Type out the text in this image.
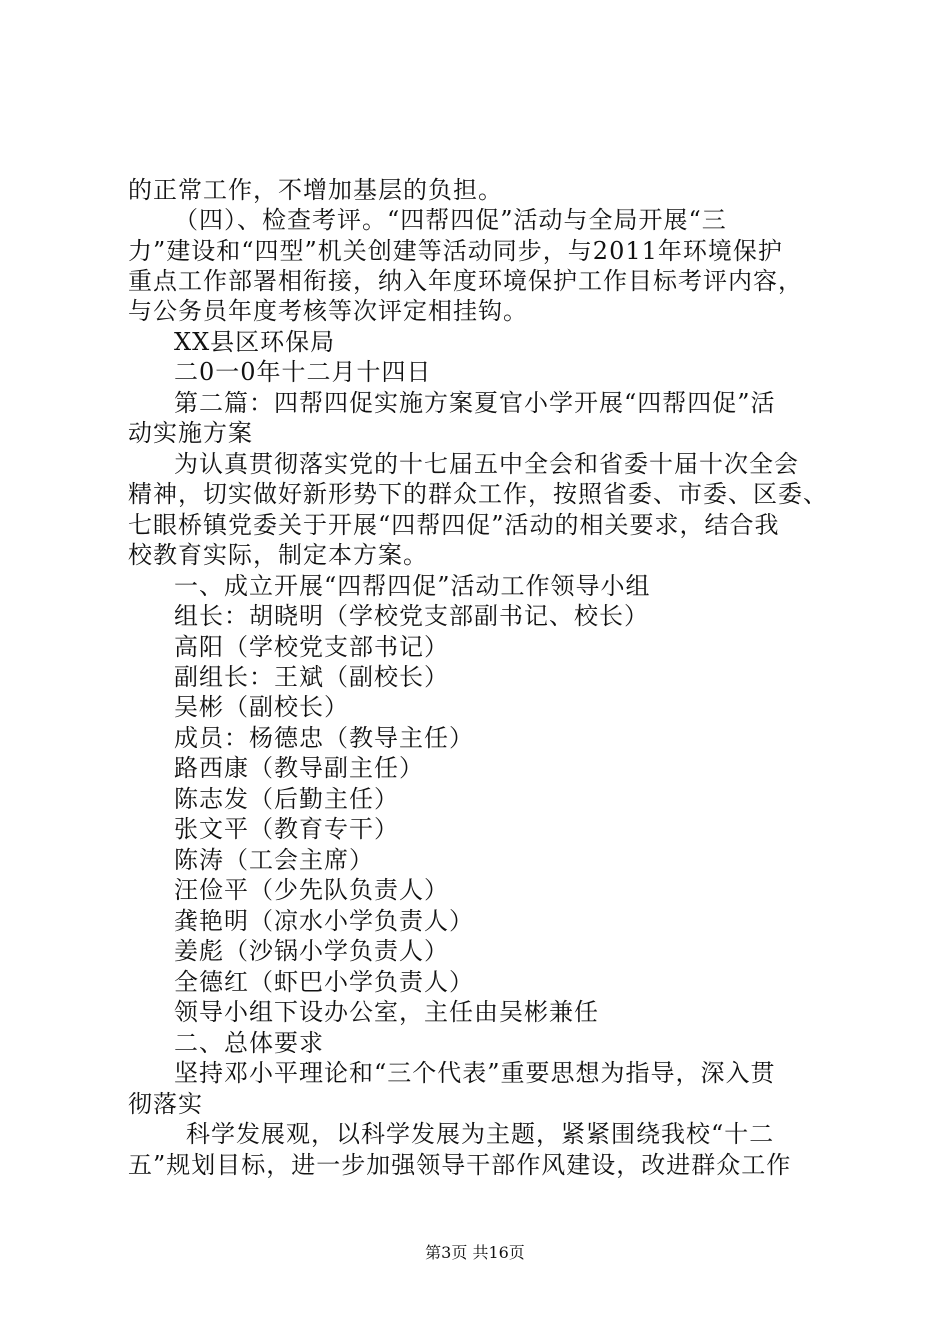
的正常工作，不增加基层的负担。
（四）、检查考评。“四帮四促”活动与全局开展“三
力”建设和“四型”机关创建等活动同步，与2011年环境保护
重点工作部署相衔接，纳入年度环境保护工作目标考评内容，
与公务员年度考核等次评定相挂钩。
XX县区环保局
二0一0年十二月十四日
第二篇：四帮四促实施方案夏官小学开展“四帮四促”活
动实施方案
为认真贯彻落实党的十七届五中全会和省委十届十次全会
精神，切实做好新形势下的群众工作，按照省委、市委、区委、
七眼桥镇党委关于开展“四帮四促”活动的相关要求，结合我
校教育实际，制定本方案。
一、成立开展“四帮四促”活动工作领导小组
组长：胡晓明（学校党支部副书记、校长）
高阳（学校党支部书记）
副组长：王斌（副校长）
吴彬（副校长）
成员：杨德忠（教导主任）
路西康（教导副主任）
陈志发（后勤主任）
张文平（教育专干）
陈涛（工会主席）
汪俭平（少先队负责人）
龚艳明（凉水小学负责人）
姜彪（沙锅小学负责人）
全德红（虾巴小学负责人）
领导小组下设办公室，主任由吴彬兼任
二、总体要求
坚持邓小平理论和“三个代表”重要思想为指导，深入贯
彻落实
科学发展观，以科学发展为主题，紧紧围绕我校“十二
五”规划目标，进一步加强领导干部作风建设，改进群众工作
第3页 共16页
